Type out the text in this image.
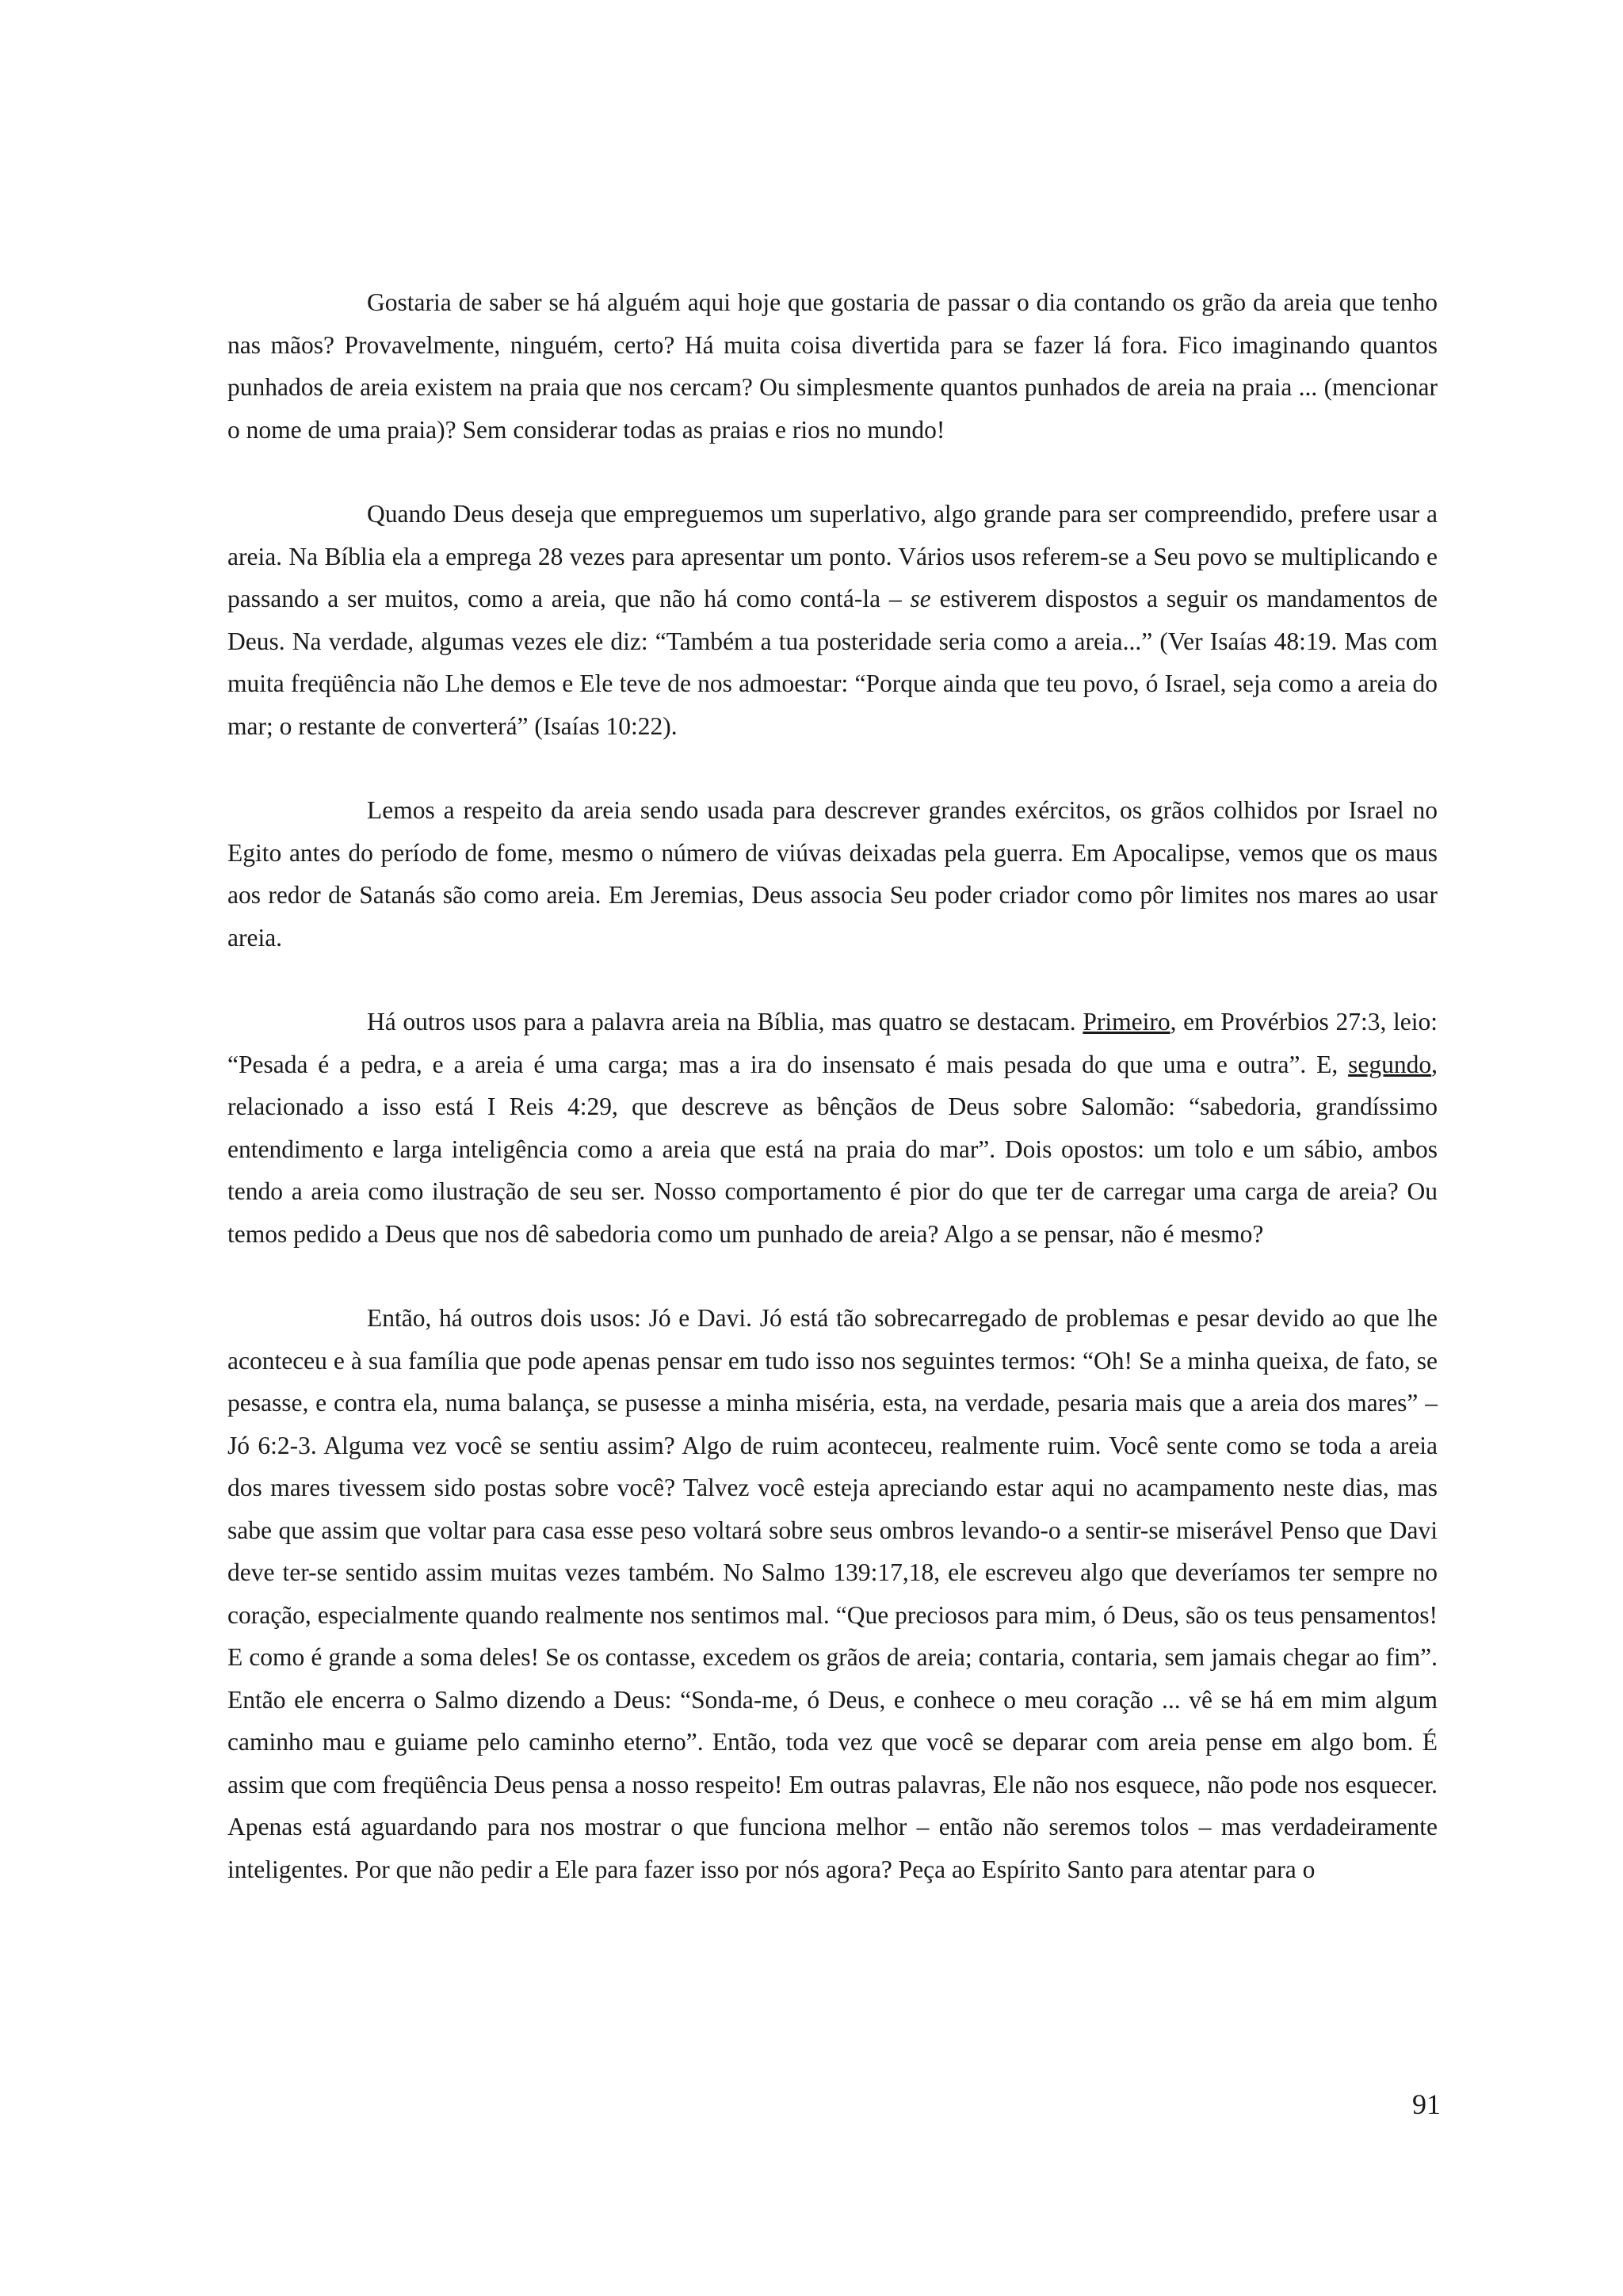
Gostaria de saber se há alguém aqui hoje que gostaria de passar o dia contando os grão da areia que tenho nas mãos? Provavelmente, ninguém, certo? Há muita coisa divertida para se fazer lá fora. Fico imaginando quantos punhados de areia existem na praia que nos cercam? Ou simplesmente quantos punhados de areia na praia ... (mencionar o nome de uma praia)? Sem considerar todas as praias e rios no mundo!

Quando Deus deseja que empreguemos um superlativo, algo grande para ser compreendido, prefere usar a areia. Na Bíblia ela a emprega 28 vezes para apresentar um ponto. Vários usos referem-se a Seu povo se multiplicando e passando a ser muitos, como a areia, que não há como contá-la – se estiverem dispostos a seguir os mandamentos de Deus. Na verdade, algumas vezes ele diz: “Também a tua posteridade seria como a areia...” (Ver Isaías 48:19. Mas com muita freqüência não Lhe demos e Ele teve de nos admoestar: “Porque ainda que teu povo, ó Israel, seja como a areia do mar; o restante de converterá” (Isaías 10:22).

Lemos a respeito da areia sendo usada para descrever grandes exércitos, os grãos colhidos por Israel no Egito antes do período de fome, mesmo o número de viúvas deixadas pela guerra. Em Apocalipse, vemos que os maus aos redor de Satanás são como areia. Em Jeremias, Deus associa Seu poder criador como pôr limites nos mares ao usar areia.

Há outros usos para a palavra areia na Bíblia, mas quatro se destacam. Primeiro, em Provérbios 27:3, leio: “Pesada é a pedra, e a areia é uma carga; mas a ira do insensato é mais pesada do que uma e outra”. E, segundo, relacionado a isso está I Reis 4:29, que descreve as bênçãos de Deus sobre Salomão: “sabedoria, grandíssimo entendimento e larga inteligência como a areia que está na praia do mar”. Dois opostos: um tolo e um sábio, ambos tendo a areia como ilustração de seu ser. Nosso comportamento é pior do que ter de carregar uma carga de areia? Ou temos pedido a Deus que nos dê sabedoria como um punhado de areia? Algo a se pensar, não é mesmo?

Então, há outros dois usos: Jó e Davi. Jó está tão sobrecarregado de problemas e pesar devido ao que lhe aconteceu e à sua família que pode apenas pensar em tudo isso nos seguintes termos: “Oh! Se a minha queixa, de fato, se pesasse, e contra ela, numa balança, se pusesse a minha miséria, esta, na verdade, pesaria mais que a areia dos mares” – Jó 6:2-3. Alguma vez você se sentiu assim? Algo de ruim aconteceu, realmente ruim. Você sente como se toda a areia dos mares tivessem sido postas sobre você? Talvez você esteja apreciando estar aqui no acampamento neste dias, mas sabe que assim que voltar para casa esse peso voltará sobre seus ombros levando-o a sentir-se miserável Penso que Davi deve ter-se sentido assim muitas vezes também. No Salmo 139:17,18, ele escreveu algo que deveríamos ter sempre no coração, especialmente quando realmente nos sentimos mal. “Que preciosos para mim, ó Deus, são os teus pensamentos! E como é grande a soma deles! Se os contasse, excedem os grãos de areia; contaria, contaria, sem jamais chegar ao fim”. Então ele encerra o Salmo dizendo a Deus: “Sonda-me, ó Deus, e conhece o meu coração ... vê se há em mim algum caminho mau e guiame pelo caminho eterno”. Então, toda vez que você se deparar com areia pense em algo bom. É assim que com freqüência Deus pensa a nosso respeito! Em outras palavras, Ele não nos esquece, não pode nos esquecer. Apenas está aguardando para nos mostrar o que funciona melhor – então não seremos tolos – mas verdadeiramente inteligentes. Por que não pedir a Ele para fazer isso por nós agora? Peça ao Espírito Santo para atentar para o

91
